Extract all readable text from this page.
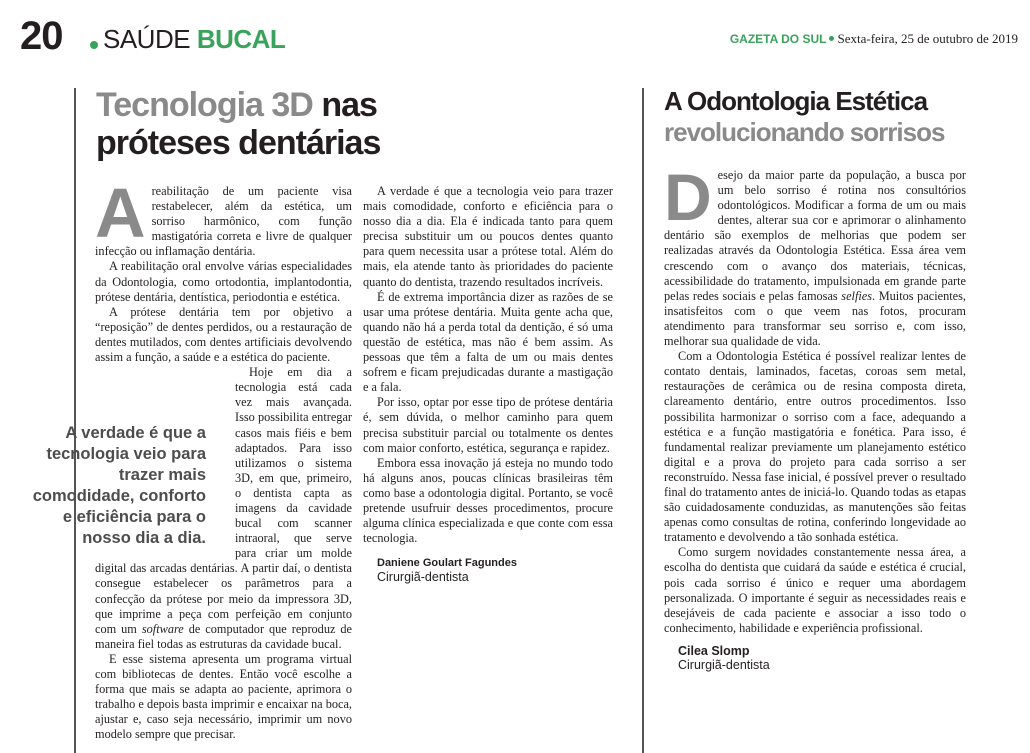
20 SAÚDE BUCAL	GAZETA DO SUL Sexta-feira, 25 de outubro de 2019
Tecnologia 3D nas
próteses dentárias
A verdade é que a tecnologia veio para trazer mais comodidade, conforto e eficiência para o nosso dia a dia.

Areabilitação de um paciente visa restabelecer, além da estética, um sorriso harmônico, com função mastigatória correta e livre de qualquer infecção ou inflamação dentária.

A reabilitação oral envolve várias especialidades da Odontologia, como ortodontia, implantodontia, prótese dentária, dentística, periodontia e estética.

A prótese dentária tem por objetivo a “reposição” de dentes perdidos, ou a restauração de dentes mutilados, com dentes artificiais devolvendo assim a função, a saúde e a estética do paciente.

Hoje em dia a tecnologia está cada vez mais avançada. Isso possibilita entregar casos mais fiéis e bem adaptados. Para isso utilizamos o sistema 3D, em que, primeiro, o dentista capta as imagens da cavidade bucal com scanner intraoral, que serve para criar um molde digital das arcadas dentárias. A partir daí, o dentista consegue estabelecer os parâmetros para a confecção da prótese por meio da impressora 3D, que imprime a peça com perfeição em conjunto com um software de computador que reproduz de maneira fiel todas as estruturas da cavidade bucal.

E esse sistema apresenta um programa virtual com bibliotecas de dentes. Então você escolhe a forma que mais se adapta ao paciente, aprimora o trabalho e depois basta imprimir e encaixar na boca, ajustar e, caso seja necessário, imprimir um novo modelo sempre que precisar.

A verdade é que a tecnologia veio para trazer mais comodidade, conforto e eficiência para o nosso dia a dia. Ela é indicada tanto para quem precisa substituir um ou poucos dentes quanto para quem necessita usar a prótese total. Além do mais, ela atende tanto às prioridades do paciente quanto do dentista, trazendo resultados incríveis.

É de extrema importância dizer as razões de se usar uma prótese dentária. Muita gente acha que, quando não há a perda total da dentição, é só uma questão de estética, mas não é bem assim. As pessoas que têm a falta de um ou mais dentes sofrem e ficam prejudicadas durante a mastigação e a fala.

Por isso, optar por esse tipo de prótese dentária é, sem dúvida, o melhor caminho para quem precisa substituir parcial ou totalmente os dentes com maior conforto, estética, segurança e rapidez.

Embora essa inovação já esteja no mundo todo há alguns anos, poucas clínicas brasileiras têm como base a odontologia digital. Portanto, se você pretende usufruir desses procedimentos, procure alguma clínica especializada e que conte com essa tecnologia.

Daniene Goulart Fagundes

Cirurgiã-dentista

A Odontologia Estética
revolucionando sorrisos

Desejo da maior parte da população, a busca por um belo sorriso é rotina nos consultórios odontológicos. Modificar a forma de um ou mais dentes, alterar sua cor e aprimorar o alinhamento dentário são exemplos de melhorias que podem ser realizadas através da Odontologia Estética. Essa área vem crescendo com o avanço dos materiais, técnicas, acessibilidade do tratamento, impulsionada em grande parte pelas redes sociais e pelas famosas selfies. Muitos pacientes, insatisfeitos com o que veem nas fotos, procuram atendimento para transformar seu sorriso e, com isso, melhorar sua qualidade de vida.

Com a Odontologia Estética é possível realizar lentes de contato dentais, laminados, facetas, coroas sem metal, restaurações de cerâmica ou de resina composta direta, clareamento dentário, entre outros procedimentos. Isso possibilita harmonizar o sorriso com a face, adequando a estética e a função mastigatória e fonética. Para isso, é fundamental realizar previamente um planejamento estético digital e a prova do projeto para cada sorriso a ser reconstruído. Nessa fase inicial, é possível prever o resultado final do tratamento antes de iniciá-lo. Quando todas as etapas são cuidadosamente conduzidas, as manutenções são feitas apenas como consultas de rotina, conferindo longevidade ao tratamento e devolvendo a tão sonhada estética.

Como surgem novidades constantemente nessa área, a escolha do dentista que cuidará da saúde e estética é crucial, pois cada sorriso é único e requer uma abordagem personalizada. O importante é seguir as necessidades reais e desejáveis de cada paciente e associar a isso todo o conhecimento, habilidade e experiência profissional.

Cilea Slomp

Cirurgiã-dentista
